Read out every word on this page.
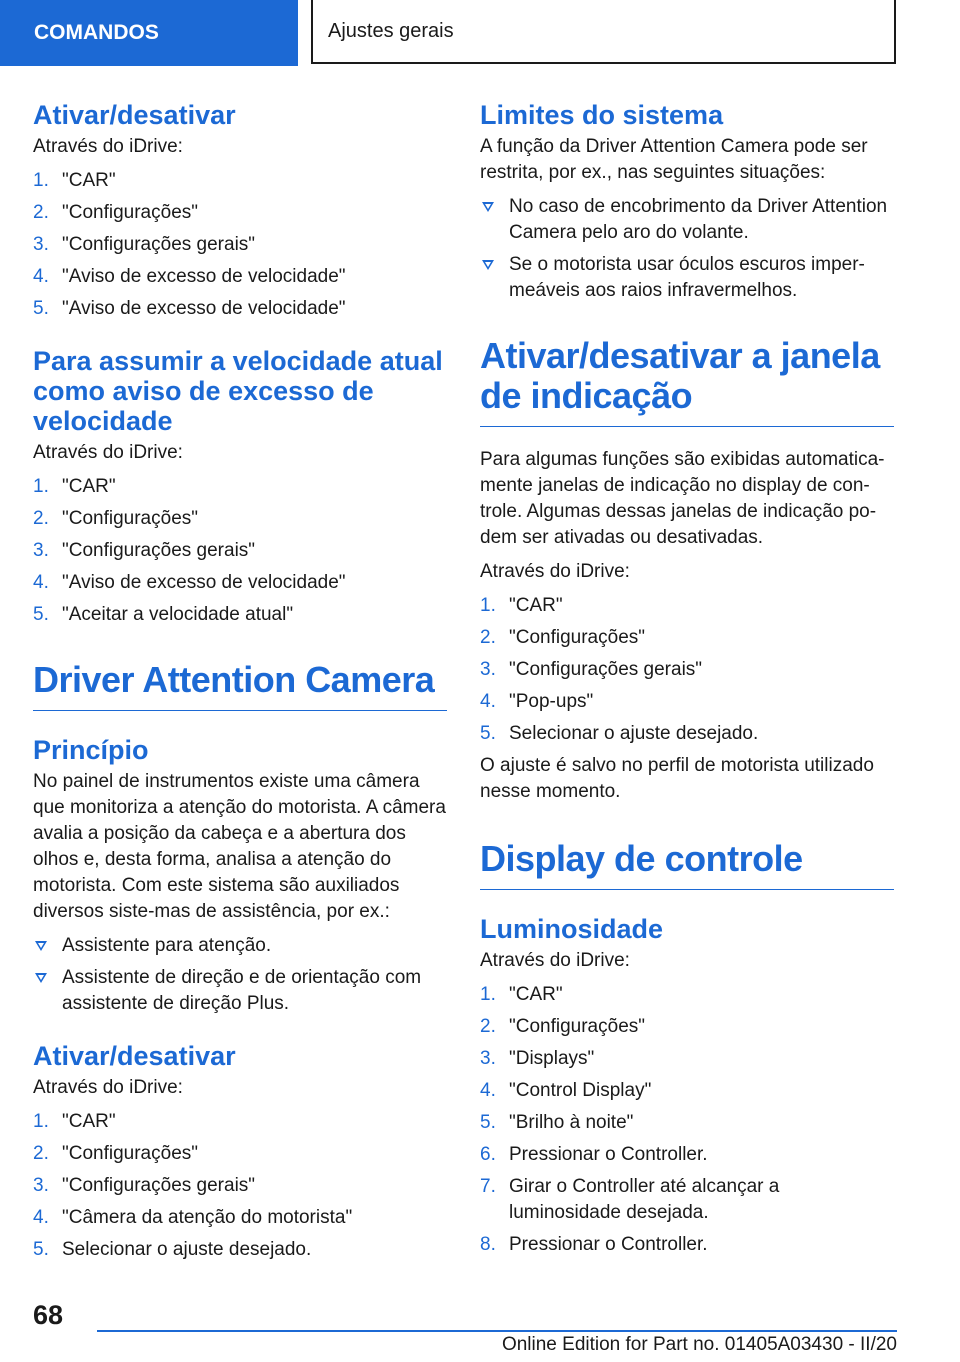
COMANDOS	Ajustes gerais
Ativar/desativar

Através do iDrive:

1. "CAR"
2. "Configurações"
3. "Configurações gerais"
4. "Aviso de excesso de velocidade"
5. "Aviso de excesso de velocidade"
Para assumir a velocidade atual como aviso de excesso de velocidade

Através do iDrive:

1. "CAR"
2. "Configurações"
3. "Configurações gerais"
4. "Aviso de excesso de velocidade"
5. "Aceitar a velocidade atual"
Driver Attention Camera
Princípio

No painel de instrumentos existe uma câmera que monitoriza a atenção do motorista. A câmera avalia a posição da cabeça e a abertura dos olhos e, desta forma, analisa a atenção do motorista. Com este sistema são auxiliados diversos siste-mas de assistência, por ex.:

Assistente para atenção.
Assistente de direção e de orientação com assistente de direção Plus.
Ativar/desativar

Através do iDrive:

1. "CAR"
2. "Configurações"
3. "Configurações gerais"
4. "Câmera da atenção do motorista"
5. Selecionar o ajuste desejado.
Limites do sistema

A função da Driver Attention Camera pode ser restrita, por ex., nas seguintes situações:

No caso de encobrimento da Driver Attention Camera pelo aro do volante.
Se o motorista usar óculos escuros imper-meáveis aos raios infravermelhos.
Ativar/desativar a janela de indicação

Para algumas funções são exibidas automatica-mente janelas de indicação no display de con-trole. Algumas dessas janelas de indicação po-dem ser ativadas ou desativadas.

Através do iDrive:

1. "CAR"
2. "Configurações"
3. "Configurações gerais"
4. "Pop-ups"
5. Selecionar o ajuste desejado.

O ajuste é salvo no perfil de motorista utilizado nesse momento.

Display de controle
Luminosidade

Através do iDrive:

1. "CAR"
2. "Configurações"
3. "Displays"
4. "Control Display"
5. "Brilho à noite"
6. Pressionar o Controller.
7. Girar o Controller até alcançar a luminosidade desejada.
8. Pressionar o Controller.
68
Online Edition for Part no. 01405A03430 - II/20
